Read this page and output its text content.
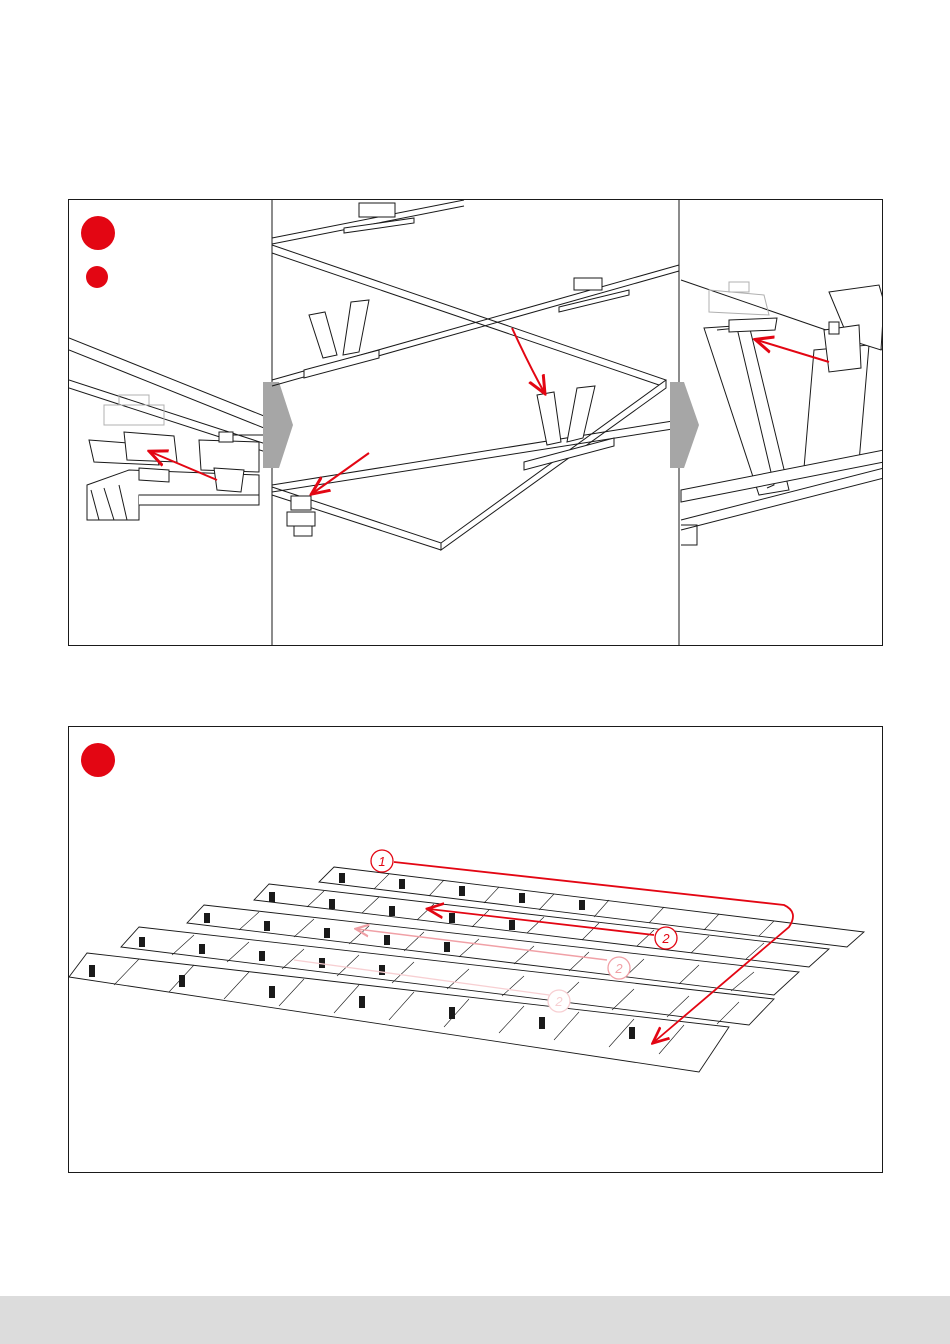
1
2
2
2
